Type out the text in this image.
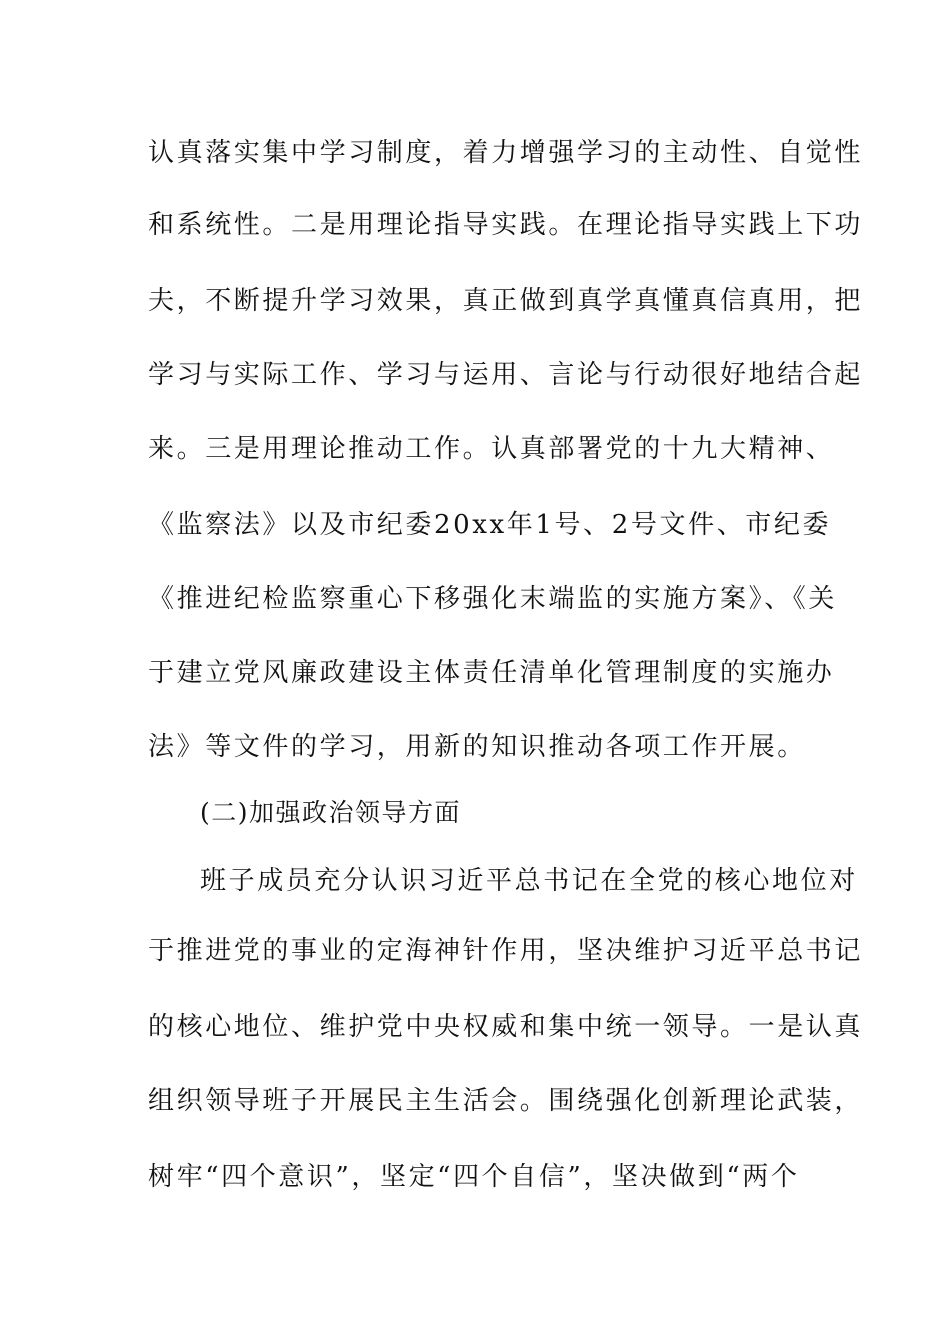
认真落实集中学习制度，着力增强学习的主动性、自觉性
和系统性。二是用理论指导实践。在理论指导实践上下功
夫，不断提升学习效果，真正做到真学真懂真信真用，把
学习与实际工作、学习与运用、言论与行动很好地结合起
来。三是用理论推动工作。认真部署党的十九大精神、
《监察法》以及市纪委20xx年1号、2号文件、市纪委
《推进纪检监察重心下移强化末端监的实施方案》、《关
于建立党风廉政建设主体责任清单化管理制度的实施办
法》等文件的学习，用新的知识推动各项工作开展。
(二)加强政治领导方面
班子成员充分认识习近平总书记在全党的核心地位对
于推进党的事业的定海神针作用，坚决维护习近平总书记
的核心地位、维护党中央权威和集中统一领导。一是认真
组织领导班子开展民主生活会。围绕强化创新理论武装，
树牢“四个意识”，坚定“四个自信”，坚决做到“两个
